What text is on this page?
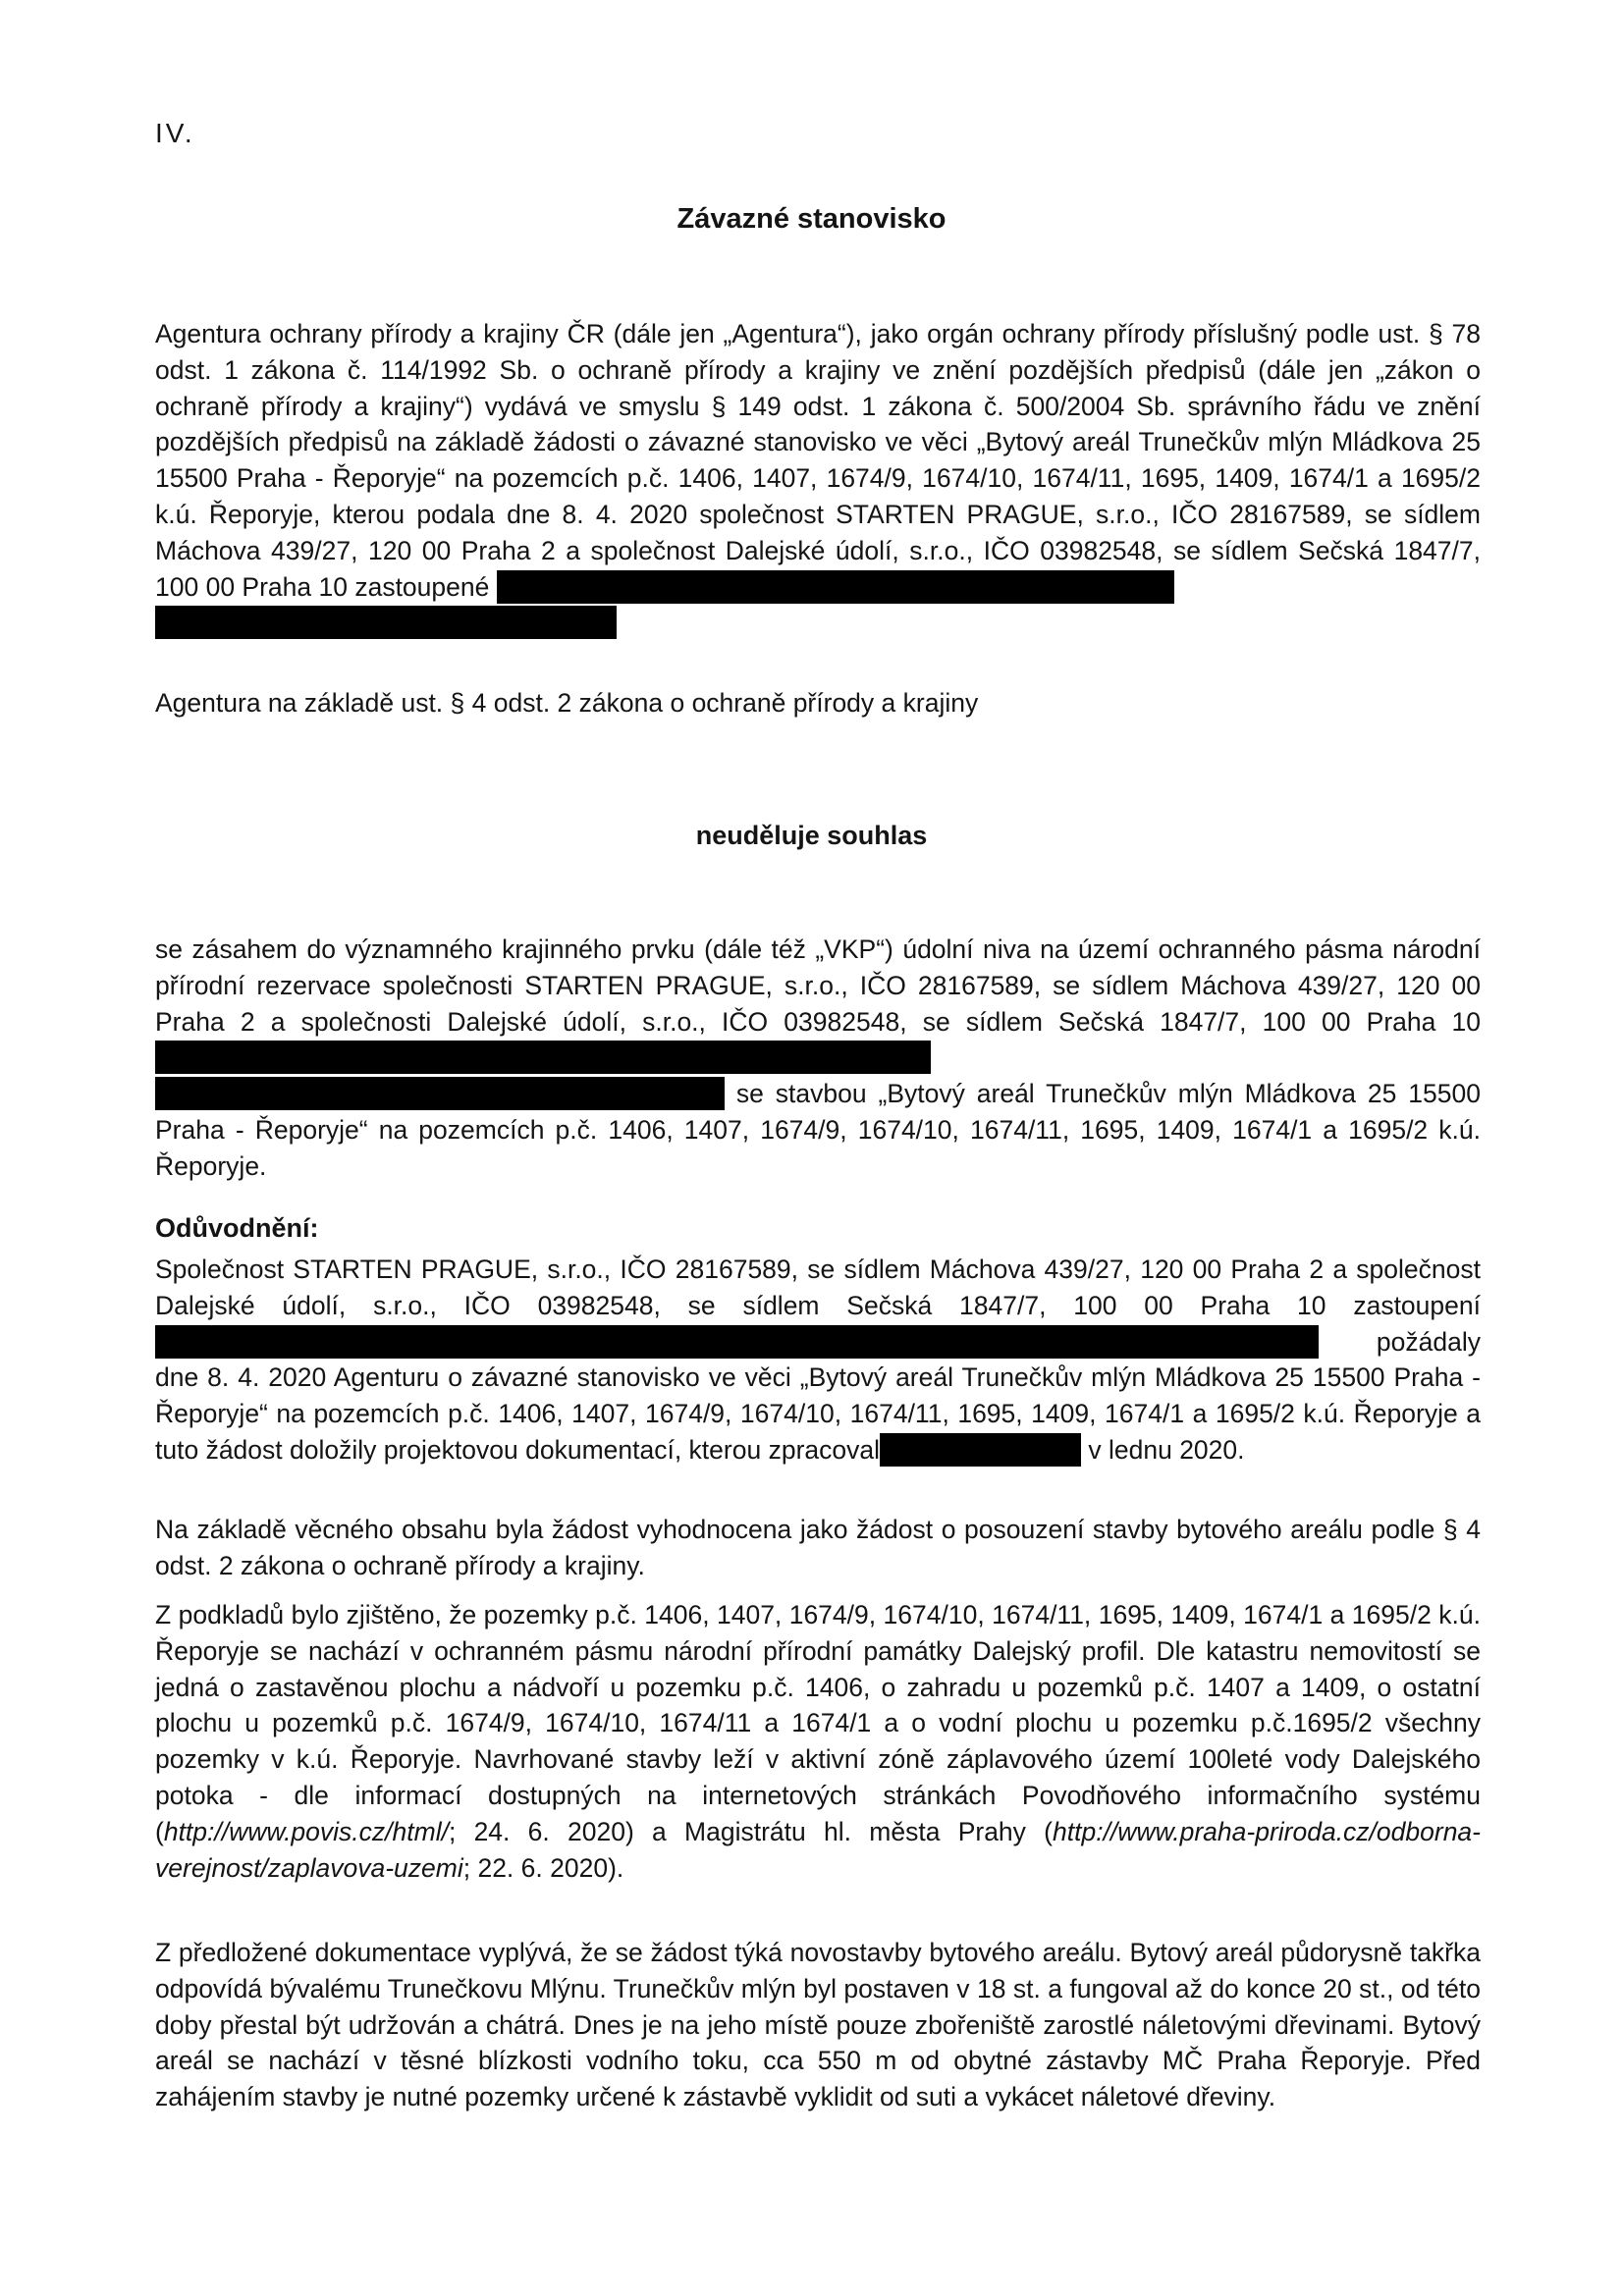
IV.
Závazné stanovisko
Agentura ochrany přírody a krajiny ČR (dále jen „Agentura“), jako orgán ochrany přírody příslušný podle ust. § 78 odst. 1 zákona č. 114/1992 Sb. o ochraně přírody a krajiny ve znění pozdějších předpisů (dále jen „zákon o ochraně přírody a krajiny“) vydává ve smyslu § 149 odst. 1 zákona č. 500/2004 Sb. správního řádu ve znění pozdějších předpisů na základě žádosti o závazné stanovisko ve věci „Bytový areál Trunečkův mlýn Mládkova 25 15500 Praha - Řeporyje“ na pozemcích p.č. 1406, 1407, 1674/9, 1674/10, 1674/11, 1695, 1409, 1674/1 a 1695/2 k.ú. Řeporyje, kterou podala dne 8. 4. 2020 společnost STARTEN PRAGUE, s.r.o., IČO 28167589, se sídlem Máchova 439/27, 120 00 Praha 2 a společnost Dalejské údolí, s.r.o., IČO 03982548, se sídlem Sečská 1847/7, 100 00 Praha 10 zastoupené
Agentura na základě ust. § 4 odst. 2 zákona o ochraně přírody a krajiny
neuděluje souhlas
se zásahem do významného krajinného prvku (dále též „VKP“) údolní niva na území ochranného pásma národní přírodní rezervace společnosti STARTEN PRAGUE, s.r.o., IČO 28167589, se sídlem Máchova 439/27, 120 00 Praha 2 a společnosti Dalejské údolí, s.r.o., IČO 03982548, se sídlem Sečská 1847/7, 100 00 Praha 10  se stavbou „Bytový areál Trunečkův mlýn Mládkova 25 15500 Praha - Řeporyje“ na pozemcích p.č. 1406, 1407, 1674/9, 1674/10, 1674/11, 1695, 1409, 1674/1 a 1695/2 k.ú. Řeporyje.
Odůvodnění:
Společnost STARTEN PRAGUE, s.r.o., IČO 28167589, se sídlem Máchova 439/27, 120 00 Praha 2 a společnost Dalejské údolí, s.r.o., IČO 03982548, se sídlem Sečská 1847/7, 100 00 Praha 10 zastoupení  požádaly dne 8. 4. 2020 Agenturu o závazné stanovisko ve věci „Bytový areál Trunečkův mlýn Mládkova 25 15500 Praha - Řeporyje“ na pozemcích p.č. 1406, 1407, 1674/9, 1674/10, 1674/11, 1695, 1409, 1674/1 a 1695/2 k.ú. Řeporyje a tuto žádost doložily projektovou dokumentací, kterou zpracoval	v lednu 2020.
Na základě věcného obsahu byla žádost vyhodnocena jako žádost o posouzení stavby bytového areálu podle § 4 odst. 2 zákona o ochraně přírody a krajiny.
Z podkladů bylo zjištěno, že pozemky p.č. 1406, 1407, 1674/9, 1674/10, 1674/11, 1695, 1409, 1674/1 a 1695/2 k.ú. Řeporyje se nachází v ochranném pásmu národní přírodní památky Dalejský profil. Dle katastru nemovitostí se jedná o zastavěnou plochu a nádvoří u pozemku p.č. 1406, o zahradu u pozemků p.č. 1407 a 1409, o ostatní plochu u pozemků p.č. 1674/9, 1674/10, 1674/11 a 1674/1 a o vodní plochu u pozemku p.č.1695/2 všechny pozemky v k.ú. Řeporyje. Navrhované stavby leží v aktivní zóně záplavového území 100leté vody Dalejského potoka - dle informací dostupných na internetových stránkách Povodňového informačního systému (http://www.povis.cz/html/; 24. 6. 2020) a Magistrátu hl. města Prahy (http://www.praha-priroda.cz/odborna-verejnost/zaplavova-uzemi; 22. 6. 2020).
Z předložené dokumentace vyplývá, že se žádost týká novostavby bytového areálu. Bytový areál půdorysně takřka odpovídá bývalému Trunečkovu Mlýnu. Trunečkův mlýn byl postaven v 18 st. a fungoval až do konce 20 st., od této doby přestal být udržován a chátrá. Dnes je na jeho místě pouze zbořeniště zarostlé náletovými dřevinami. Bytový areál se nachází v těsné blízkosti vodního toku, cca 550 m od obytné zástavby MČ Praha Řeporyje. Před zahájením stavby je nutné pozemky určené k zástavbě vyklidit od suti a vykácet náletové dřeviny.
